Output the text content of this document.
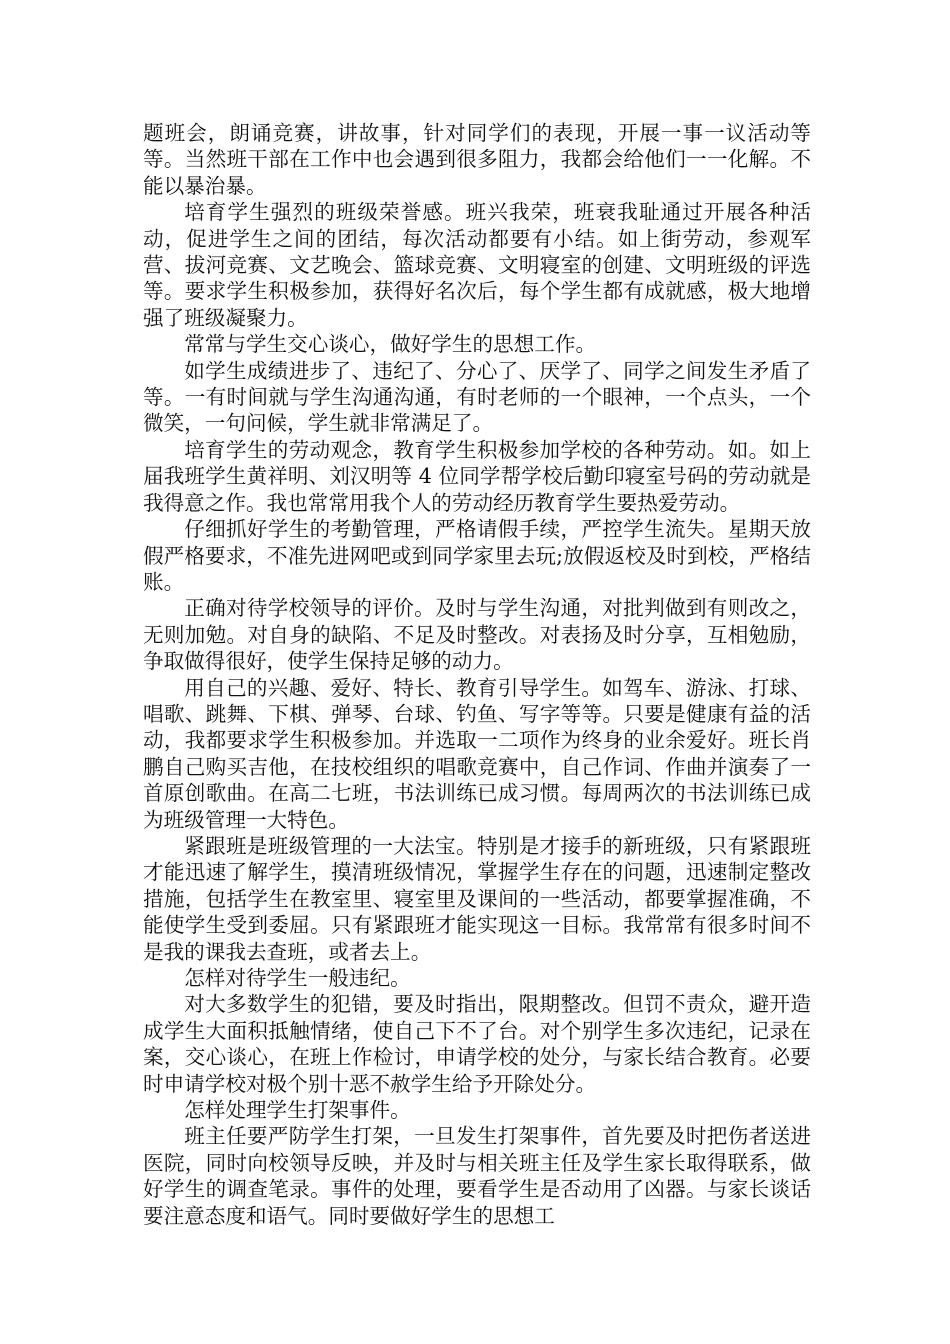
题班会，朗诵竞赛，讲故事，针对同学们的表现，开展一事一议活动等等。当然班干部在工作中也会遇到很多阻力，我都会给他们一一化解。不能以暴治暴。

培育学生强烈的班级荣誉感。班兴我荣，班衰我耻通过开展各种活动，促进学生之间的团结，每次活动都要有小结。如上街劳动，参观军营、拔河竞赛、文艺晚会、篮球竞赛、文明寝室的创建、文明班级的评选等。要求学生积极参加，获得好名次后，每个学生都有成就感，极大地增强了班级凝聚力。

常常与学生交心谈心，做好学生的思想工作。

如学生成绩进步了、违纪了、分心了、厌学了、同学之间发生矛盾了等。一有时间就与学生沟通沟通，有时老师的一个眼神，一个点头，一个微笑，一句问候，学生就非常满足了。

培育学生的劳动观念，教育学生积极参加学校的各种劳动。如。如上届我班学生黄祥明、刘汉明等 4 位同学帮学校后勤印寝室号码的劳动就是我得意之作。我也常常用我个人的劳动经历教育学生要热爱劳动。

仔细抓好学生的考勤管理，严格请假手续，严控学生流失。星期天放假严格要求，不准先进网吧或到同学家里去玩;放假返校及时到校，严格结账。

正确对待学校领导的评价。及时与学生沟通，对批判做到有则改之，无则加勉。对自身的缺陷、不足及时整改。对表扬及时分享，互相勉励，争取做得很好，使学生保持足够的动力。

用自己的兴趣、爱好、特长、教育引导学生。如驾车、游泳、打球、唱歌、跳舞、下棋、弹琴、台球、钓鱼、写字等等。只要是健康有益的活动，我都要求学生积极参加。并选取一二项作为终身的业余爱好。班长肖鹏自己购买吉他，在技校组织的唱歌竞赛中，自己作词、作曲并演奏了一首原创歌曲。在高二七班，书法训练已成习惯。每周两次的书法训练已成为班级管理一大特色。

紧跟班是班级管理的一大法宝。特别是才接手的新班级，只有紧跟班才能迅速了解学生，摸清班级情况，掌握学生存在的问题，迅速制定整改措施，包括学生在教室里、寝室里及课间的一些活动，都要掌握准确，不能使学生受到委屈。只有紧跟班才能实现这一目标。我常常有很多时间不是我的课我去查班，或者去上。

怎样对待学生一般违纪。

对大多数学生的犯错，要及时指出，限期整改。但罚不责众，避开造成学生大面积抵触情绪，使自己下不了台。对个别学生多次违纪，记录在案，交心谈心，在班上作检讨，申请学校的处分，与家长结合教育。必要时申请学校对极个别十恶不赦学生给予开除处分。

怎样处理学生打架事件。

班主任要严防学生打架，一旦发生打架事件，首先要及时把伤者送进医院，同时向校领导反映，并及时与相关班主任及学生家长取得联系，做好学生的调查笔录。事件的处理，要看学生是否动用了凶器。与家长谈话要注意态度和语气。同时要做好学生的思想工
